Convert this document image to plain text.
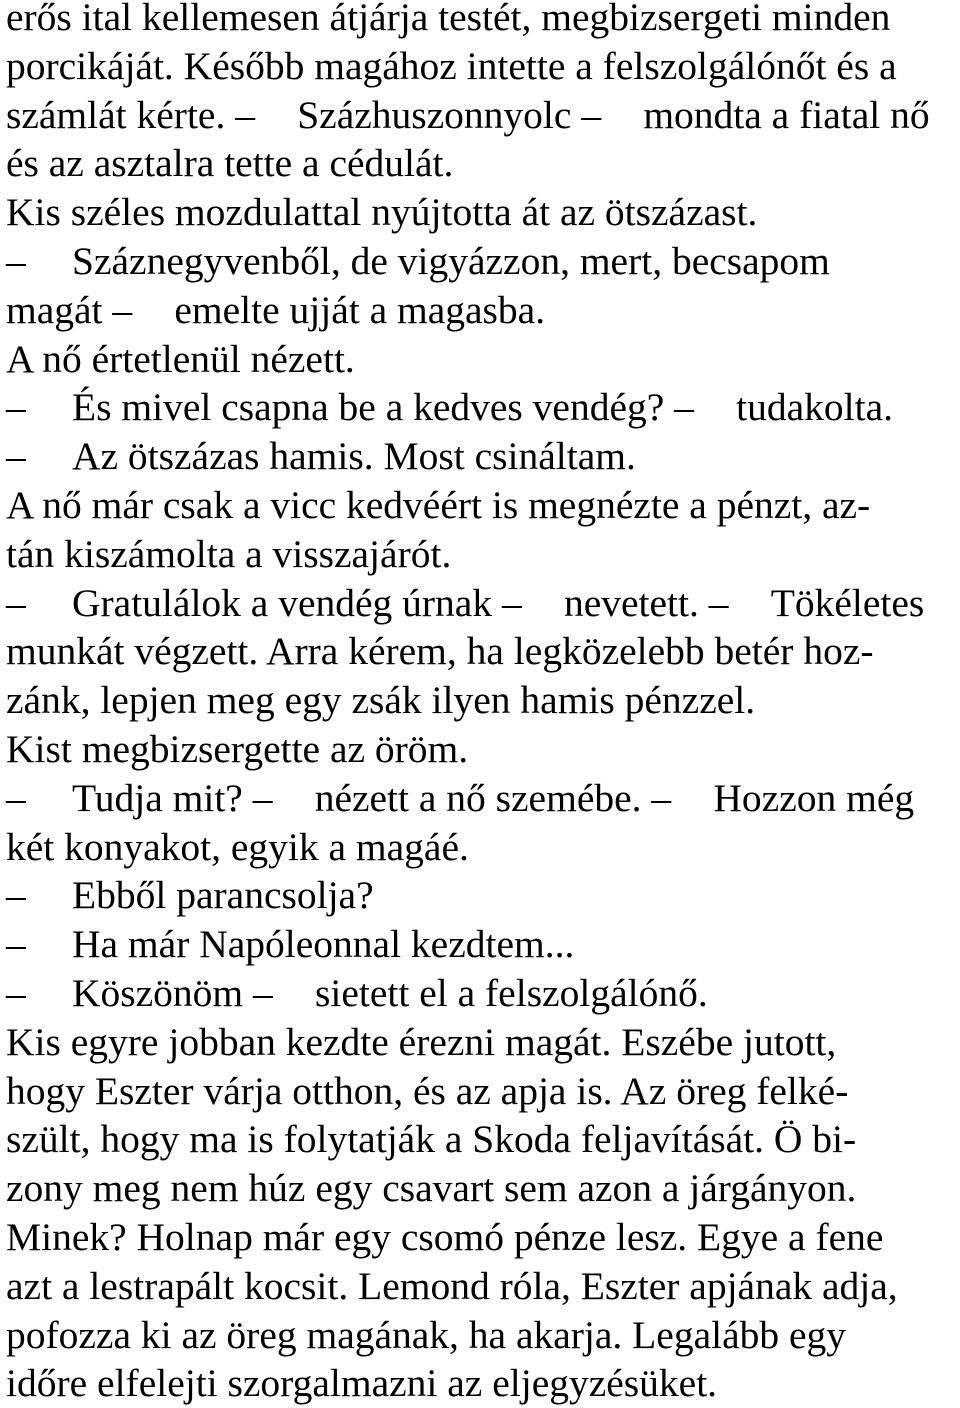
erős ital kellemesen átjárja testét, megbizsergeti minden
porcikáját. Később magához intette a felszolgálónőt és a
számlát kérte. – Százhuszonnyolc – mondta a fiatal nő
és az asztalra tette a cédulát.
Kis széles mozdulattal nyújtotta át az ötszázast.
– Száznegyvenből, de vigyázzon, mert, becsapom
magát – emelte ujját a magasba.
A nő értetlenül nézett.
– És mivel csapna be a kedves vendég? – tudakolta.
– Az ötszázas hamis. Most csináltam.
A nő már csak a vicc kedvéért is megnézte a pénzt, az-
tán kiszámolta a visszajárót.
– Gratulálok a vendég úrnak – nevetett. – Tökéletes
munkát végzett. Arra kérem, ha legközelebb betér hoz-
zánk, lepjen meg egy zsák ilyen hamis pénzzel.
Kist megbizsergette az öröm.
– Tudja mit? – nézett a nő szemébe. – Hozzon még
két konyakot, egyik a magáé.
– Ebből parancsolja?
– Ha már Napóleonnal kezdtem...
– Köszönöm – sietett el a felszolgálónő.
Kis egyre jobban kezdte érezni magát. Eszébe jutott,
hogy Eszter várja otthon, és az apja is. Az öreg felké-
szült, hogy ma is folytatják a Skoda feljavítását. Ö bi-
zony meg nem húz egy csavart sem azon a járgányon.
Minek? Holnap már egy csomó pénze lesz. Egye a fene
azt a lestrapált kocsit. Lemond róla, Eszter apjának adja,
pofozza ki az öreg magának, ha akarja. Legalább egy
időre elfelejti szorgalmazni az eljegyzésüket.
